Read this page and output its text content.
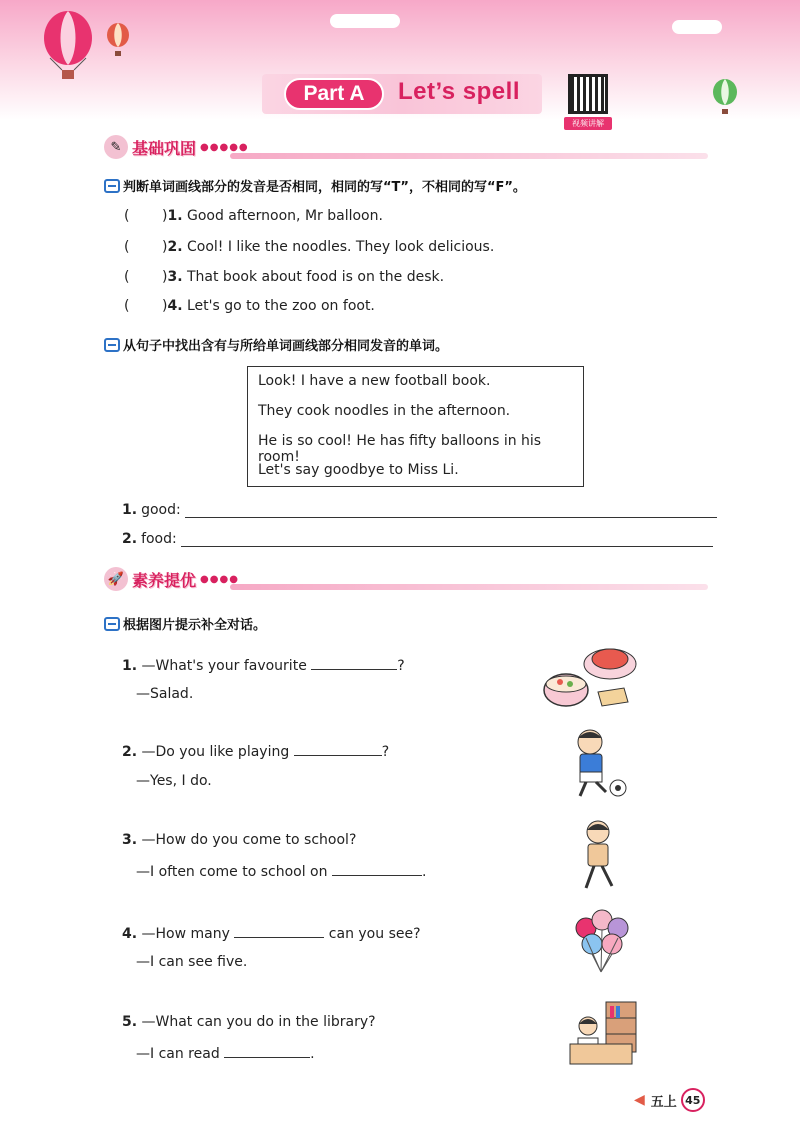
Part A	Let’s spell
视频讲解
✎ 基础巩固 ●●●●●
判断单词画线部分的发音是否相同，相同的写“T”，不相同的写“F”。
( )1. Good afternoon, Mr balloon.
( )2. Cool! I like the noodles. They look delicious.
( )3. That book about food is on the desk.
( )4. Let's go to the zoo on foot.
从句子中找出含有与所给单词画线部分相同发音的单词。
Look! I have a new football book.
They cook noodles in the afternoon.
He is so cool! He has fifty balloons in his room!
Let's say goodbye to Miss Li.
1. good:
2. food:
🚀 素养提优 ●●●●
根据图片提示补全对话。
1. —What's your favourite	?
—Salad.
2. —Do you like playing	?
—Yes, I do.
3. —How do you come to school?
—I often come to school on	.
4. —How many	can you see?
—I can see five.
5. —What can you do in the library?
—I can read	.
◀ 五上 45
